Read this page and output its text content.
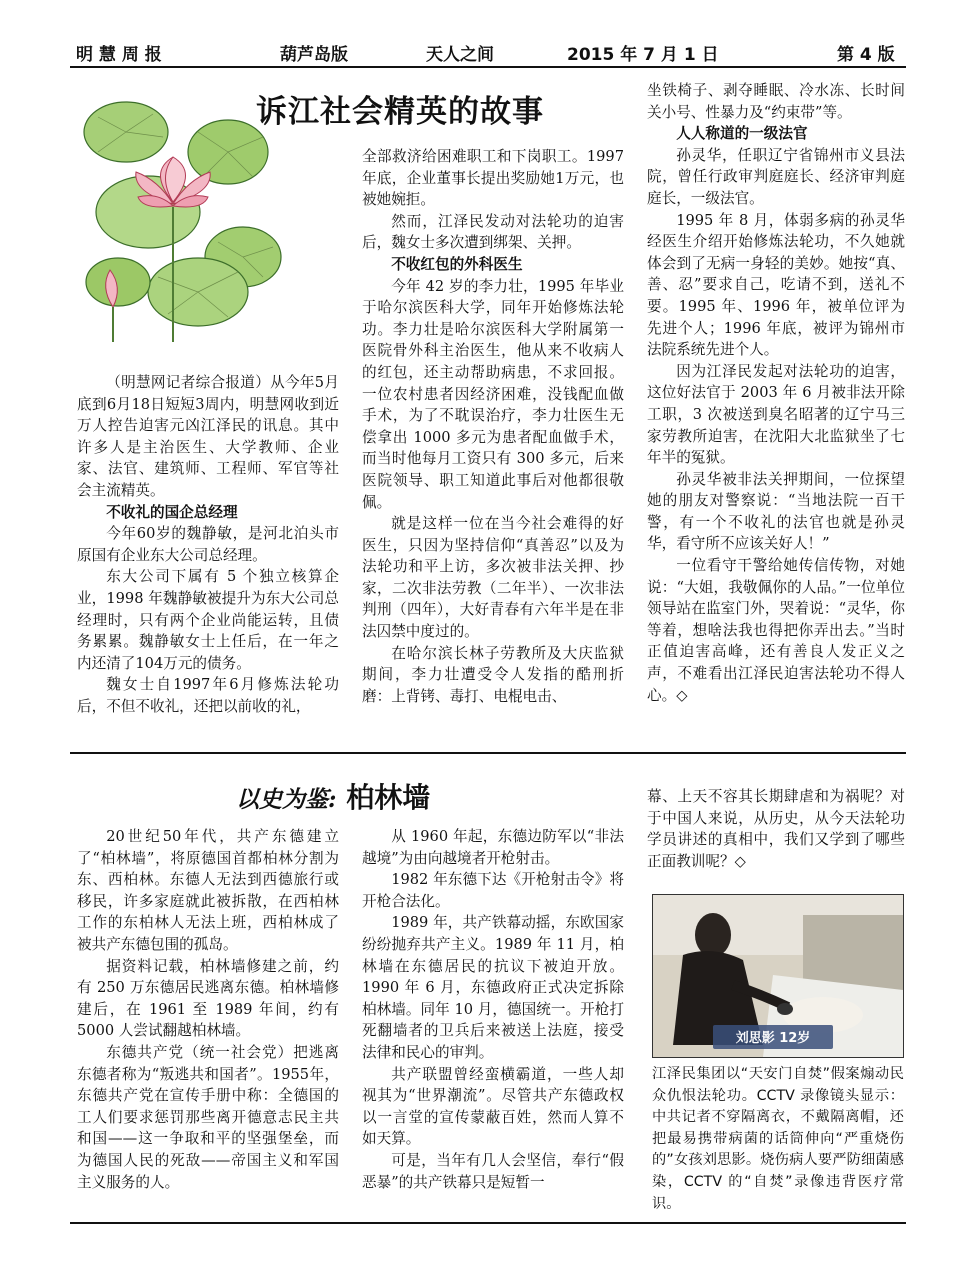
明 慧 周 报	葫芦岛版	天人之间	2015 年 7 月 1 日	第 4 版
诉江社会精英的故事

（明慧网记者综合报道）从今年5月底到6月18日短短3周内，明慧网收到近万人控告迫害元凶江泽民的讯息。其中许多人是主治医生、大学教师、企业家、法官、建筑师、工程师、军官等社会主流精英。

不收礼的国企总经理

今年60岁的魏静敏，是河北泊头市原国有企业东大公司总经理。

东大公司下属有 5 个独立核算企业，1998 年魏静敏被提升为东大公司总经理时，只有两个企业尚能运转，且债务累累。魏静敏女士上任后，在一年之内还清了104万元的债务。

魏女士自1997年6月修炼法轮功后，不但不收礼，还把以前收的礼，

全部救济给困难职工和下岗职工。1997年底，企业董事长提出奖励她1万元，也被她婉拒。

然而，江泽民发动对法轮功的迫害后，魏女士多次遭到绑架、关押。

不收红包的外科医生

今年 42 岁的李力壮，1995 年毕业于哈尔滨医科大学，同年开始修炼法轮功。李力壮是哈尔滨医科大学附属第一医院骨外科主治医生，他从来不收病人的红包，还主动帮助病患，不求回报。一位农村患者因经济困难，没钱配血做手术，为了不耽误治疗，李力壮医生无偿拿出 1000 多元为患者配血做手术，而当时他每月工资只有 300 多元，后来医院领导、职工知道此事后对他都很敬佩。

就是这样一位在当今社会难得的好医生，只因为坚持信仰“真善忍”以及为法轮功和平上访，多次被非法关押、抄家，二次非法劳教（二年半）、一次非法判刑（四年），大好青春有六年半是在非法囚禁中度过的。

在哈尔滨长林子劳教所及大庆监狱期间，李力壮遭受令人发指的酷刑折磨：上背铐、毒打、电棍电击、

坐铁椅子、剥夺睡眠、冷水冻、长时间关小号、性暴力及“约束带”等。

人人称道的一级法官

孙灵华，任职辽宁省锦州市义县法院，曾任行政审判庭庭长、经济审判庭庭长，一级法官。

1995 年 8 月，体弱多病的孙灵华经医生介绍开始修炼法轮功，不久她就体会到了无病一身轻的美妙。她按“真、善、忍”要求自己，吃请不到，送礼不要。1995 年、1996 年，被单位评为先进个人；1996 年底，被评为锦州市法院系统先进个人。

因为江泽民发起对法轮功的迫害，这位好法官于 2003 年 6 月被非法开除工职，3 次被送到臭名昭著的辽宁马三家劳教所迫害，在沈阳大北监狱坐了七年半的冤狱。

孙灵华被非法关押期间，一位探望她的朋友对警察说：“当地法院一百干警，有一个不收礼的法官也就是孙灵华，看守所不应该关好人！”

一位看守干警给她传信传物，对她说：“大姐，我敬佩你的人品。”一位单位领导站在监室门外，哭着说：“灵华，你等着，想啥法我也得把你弄出去。”当时正值迫害高峰，还有善良人发正义之声，不难看出江泽民迫害法轮功不得人心。◇

以史为鉴: 柏林墙

20世纪50年代，共产东德建立了“柏林墙”，将原德国首都柏林分割为东、西柏林。东德人无法到西德旅行或移民，许多家庭就此被拆散，在西柏林工作的东柏林人无法上班，西柏林成了被共产东德包围的孤岛。

据资料记载，柏林墙修建之前，约有 250 万东德居民逃离东德。柏林墙修建后，在 1961 至 1989 年间，约有 5000 人尝试翻越柏林墙。

东德共产党（统一社会党）把逃离东德者称为“叛逃共和国者”。1955年，东德共产党在宣传手册中称：全德国的工人们要求惩罚那些离开德意志民主共和国——这一争取和平的坚强堡垒，而为德国人民的死敌——帝国主义和军国主义服务的人。

从 1960 年起，东德边防军以“非法越境”为由向越境者开枪射击。

1982 年东德下达《开枪射击令》将开枪合法化。

1989 年，共产铁幕动摇，东欧国家纷纷抛弃共产主义。1989 年 11 月，柏林墙在东德居民的抗议下被迫开放。1990 年 6 月，东德政府正式决定拆除柏林墙。同年 10 月，德国统一。开枪打死翻墙者的卫兵后来被送上法庭，接受法律和民心的审判。

共产联盟曾经蛮横霸道，一些人却视其为“世界潮流”。尽管共产东德政权以一言堂的宣传蒙蔽百姓，然而人算不如天算。

可是，当年有几人会坚信，奉行“假恶暴”的共产铁幕只是短暂一

幕、上天不容其长期肆虐和为祸呢？对于中国人来说，从历史，从今天法轮功学员讲述的真相中，我们又学到了哪些正面教训呢？◇

刘思影 12岁
江泽民集团以“天安门自焚”假案煽动民众仇恨法轮功。CCTV 录像镜头显示：中共记者不穿隔离衣，不戴隔离帽，还把最易携带病菌的话筒伸向“严重烧伤的”女孩刘思影。烧伤病人要严防细菌感染，CCTV 的“自焚”录像违背医疗常识。
